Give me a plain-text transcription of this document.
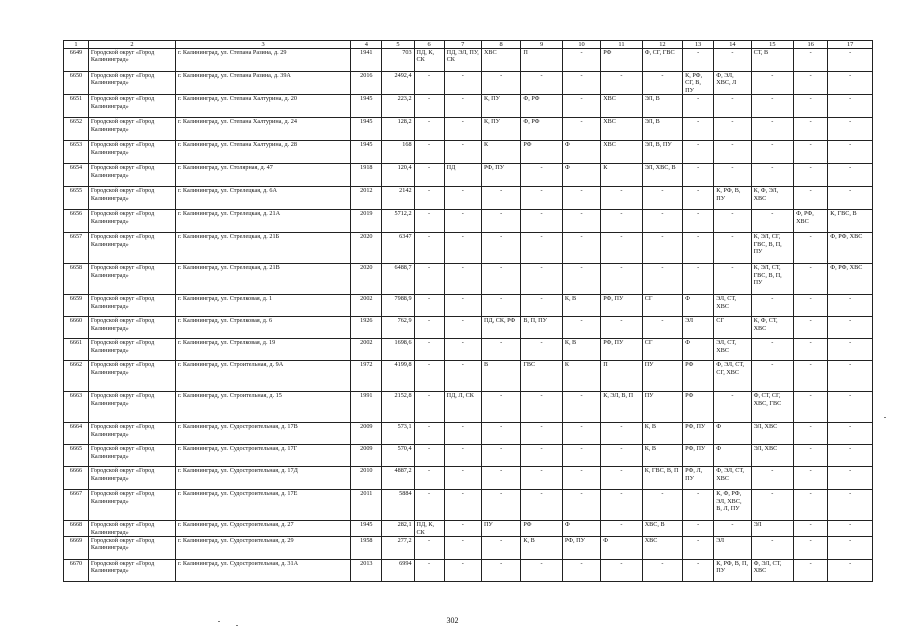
1	2	3	4	5	6	7	8	9	10	11	12	13	14	15	16	17
6649	Городской округ «Город Калининград»	г. Калининград, ул. Степана Разина, д. 29	1941	703	ПД, К, СК	ПД, ЭЛ, ПУ, СК	ХВС	П	-	РФ	Ф, СГ, ГВС	-	-	СТ, В	-	-
6650	Городской округ «Город Калининград»	г. Калининград, ул. Степана Разина, д. 39А	2016	2492,4	-	-	-	-	-	-	-	К, РФ, СГ, В, ПУ	Ф, ЭЛ, ХВС, Л	-	-	-
6651	Городской округ «Город Калининград»	г. Калининград, ул. Степана Халтурина, д. 20	1945	223,2	-	-	К, ПУ	Ф, РФ	-	ХВС	ЭЛ, В	-	-	-	-	-
6652	Городской округ «Город Калининград»	г. Калининград, ул. Степана Халтурина, д. 24	1945	128,2	-	-	К, ПУ	Ф, РФ	-	ХВС	ЭЛ, В	-	-	-	-	-
6653	Городской округ «Город Калининград»	г. Калининград, ул. Степана Халтурина, д. 28	1945	168	-	-	К	РФ	Ф	ХВС	ЭЛ, В, ПУ	-	-	-	-	-
6654	Городской округ «Город Калининград»	г. Калининград, ул. Столярная, д. 47	1918	120,4	-	ПД	РФ, ПУ	-	Ф	К	ЭЛ, ХВС, В	-	-	-	-	-
6655	Городской округ «Город Калининград»	г. Калининград, ул. Стрелецкая, д. 6А	2012	2142	-	-	-	-	-	-	-	-	К, РФ, В, ПУ	К, Ф, ЭЛ, ХВС	-	-
6656	Городской округ «Город Калининград»	г. Калининград, ул. Стрелецкая, д. 21А	2019	5712,2	-	-	-	-	-	-	-	-	-	-	Ф, РФ, ХВС	К, ГВС, В
6657	Городской округ «Город Калининград»	г. Калининград, ул. Стрелецкая, д. 21Б	2020	6347	-	-	-	-	-	-	-	-	-	К, ЭЛ, СГ, ГВС, В, П, ПУ	-	Ф, РФ, ХВС
6658	Городской округ «Город Калининград»	г. Калининград, ул. Стрелецкая, д. 21В	2020	6488,7	-	-	-	-	-	-	-	-	-	К, ЭЛ, СТ, ГВС, В, П, ПУ	-	Ф, РФ, ХВС
6659	Городской округ «Город Калининград»	г. Калининград, ул. Стрелковая, д. 1	2002	7988,9	-	-	-	-	К, В	РФ, ПУ	СГ	Ф	ЭЛ, СТ, ХВС	-	-	-
6660	Городской округ «Город Калининград»	г. Калининград, ул. Стрелковая, д. 6	1926	762,9	-	-	ПД, СК, РФ	В, П, ПУ	-	-	-	ЭЛ	СГ	К, Ф, СТ, ХВС	-	-
6661	Городской округ «Город Калининград»	г. Калининград, ул. Стрелковая, д. 19	2002	1698,6	-	-	-	-	К, В	РФ, ПУ	СГ	Ф	ЭЛ, СТ, ХВС	-	-	-
6662	Городской округ «Город Калининград»	г. Калининград, ул. Строительная, д. 9А	1972	4199,8	-	-	В	ГВС	К	П	ПУ	РФ	Ф, ЭЛ, СТ, СГ, ХВС	-	-	-
6663	Городской округ «Город Калининград»	г. Калининград, ул. Строительная, д. 15	1991	2152,8	-	ПД, Л, СК	-	-	-	К, ЭЛ, В, П	ПУ	РФ	-	Ф, СТ, СГ, ХВС, ГВС	-	-
6664	Городской округ «Город Калининград»	г. Калининград, ул. Судостроительная, д. 17В	2009	573,1	-	-	-	-	-	-	К, В	РФ, ПУ	Ф	ЭЛ, ХВС	-	-
6665	Городской округ «Город Калининград»	г. Калининград, ул. Судостроительная, д. 17Г	2009	570,4	-	-	-	-	-	-	К, В	РФ, ПУ	Ф	ЭЛ, ХВС	-	-
6666	Городской округ «Город Калининград»	г. Калининград, ул. Судостроительная, д. 17Д	2010	4887,2	-	-	-	-	-	-	К, ГВС, В, П	РФ, Л, ПУ	Ф, ЭЛ, СТ, ХВС	-	-	-
6667	Городской округ «Город Калининград»	г. Калининград, ул. Судостроительная, д. 17Е	2011	5884	-	-	-	-	-	-	-	-	К, Ф, РФ, ЭЛ, ХВС, В, Л, ПУ	-	-	-
6668	Городской округ «Город Калининград»	г. Калининград, ул. Судостроительная, д. 27	1945	282,1	ПД, К, СК	-	ПУ	РФ	Ф	-	ХВС, В	-	-	ЭЛ	-	-
6669	Городской округ «Город Калининград»	г. Калининград, ул. Судостроительная, д. 29	1958	277,2	-	-	-	К, В	РФ, ПУ	Ф	ХВС	-	ЭЛ	-	-	-
6670	Городской округ «Город Калининград»	г. Калининград, ул. Судостроительная, д. 31А	2013	6994	-	-	-	-	-	-	-	-	К, РФ, В, П, ПУ	Ф, ЭЛ, СТ, ХВС	-	-
302
